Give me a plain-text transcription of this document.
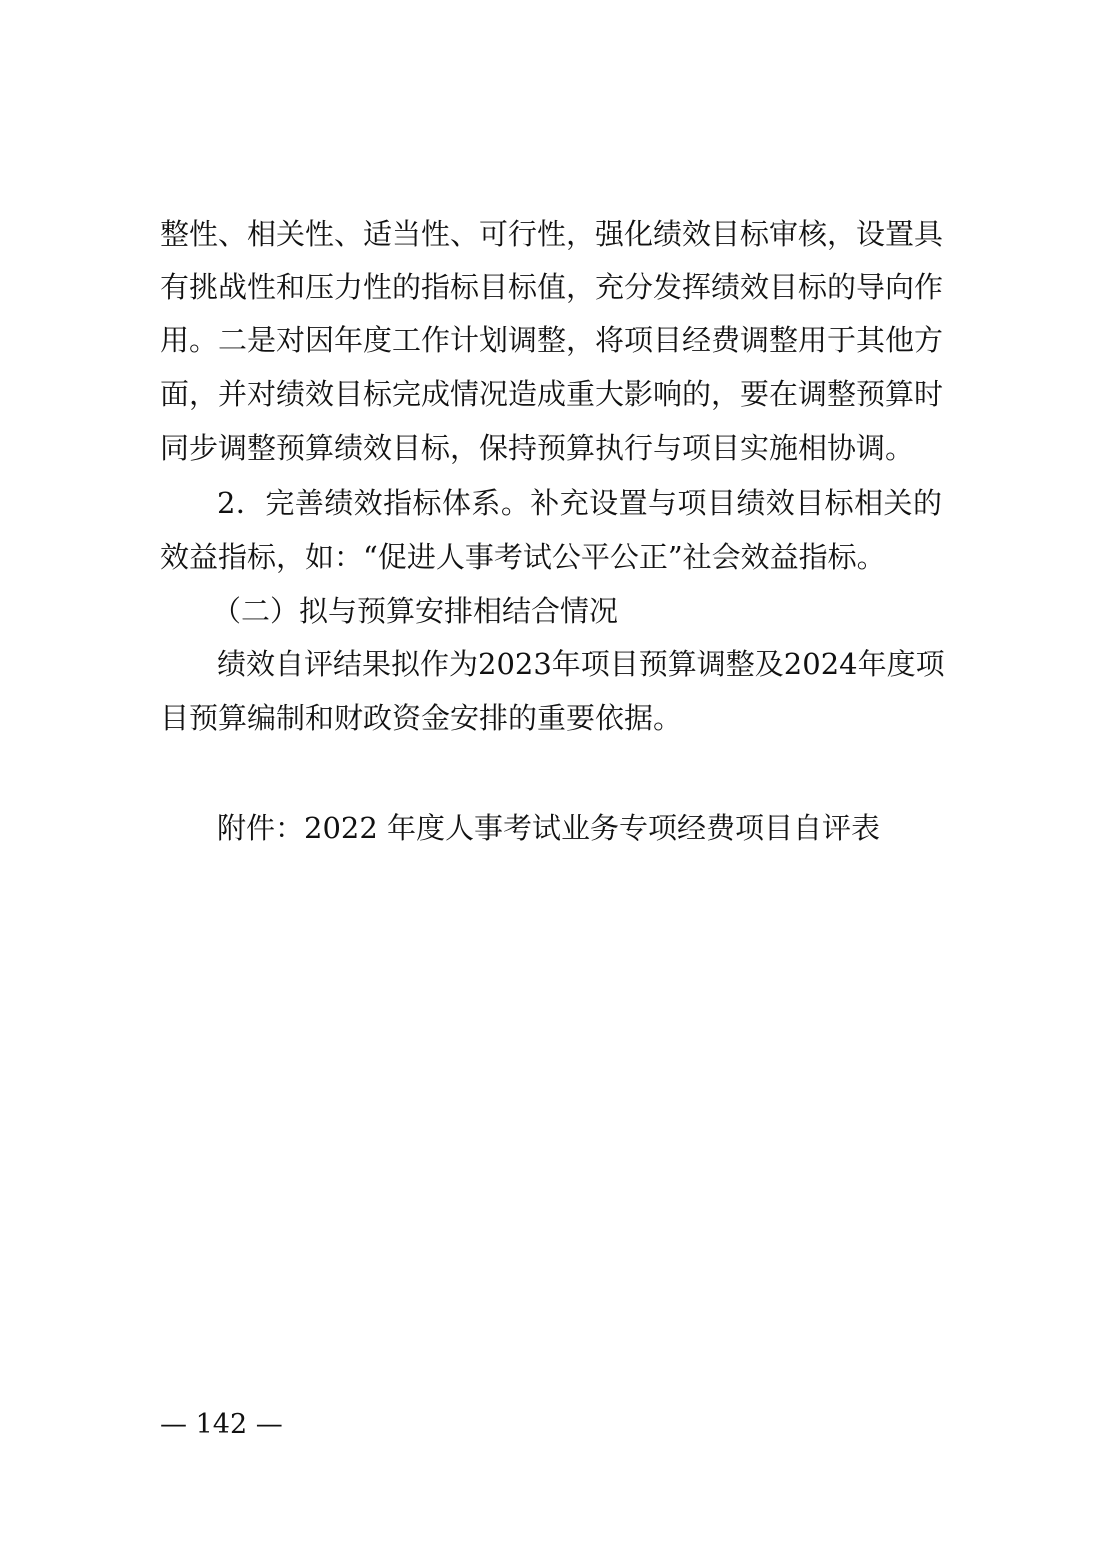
整性、相关性、适当性、可行性，强化绩效目标审核，设置具
有挑战性和压力性的指标目标值，充分发挥绩效目标的导向作
用。二是对因年度工作计划调整，将项目经费调整用于其他方
面，并对绩效目标完成情况造成重大影响的，要在调整预算时
同步调整预算绩效目标，保持预算执行与项目实施相协调。
2．完善绩效指标体系。补充设置与项目绩效目标相关的
效益指标，如：“促进人事考试公平公正”社会效益指标。
（二）拟与预算安排相结合情况
绩效自评结果拟作为2023年项目预算调整及2024年度项
目预算编制和财政资金安排的重要依据。
附件：2022 年度人事考试业务专项经费项目自评表
— 142 —
